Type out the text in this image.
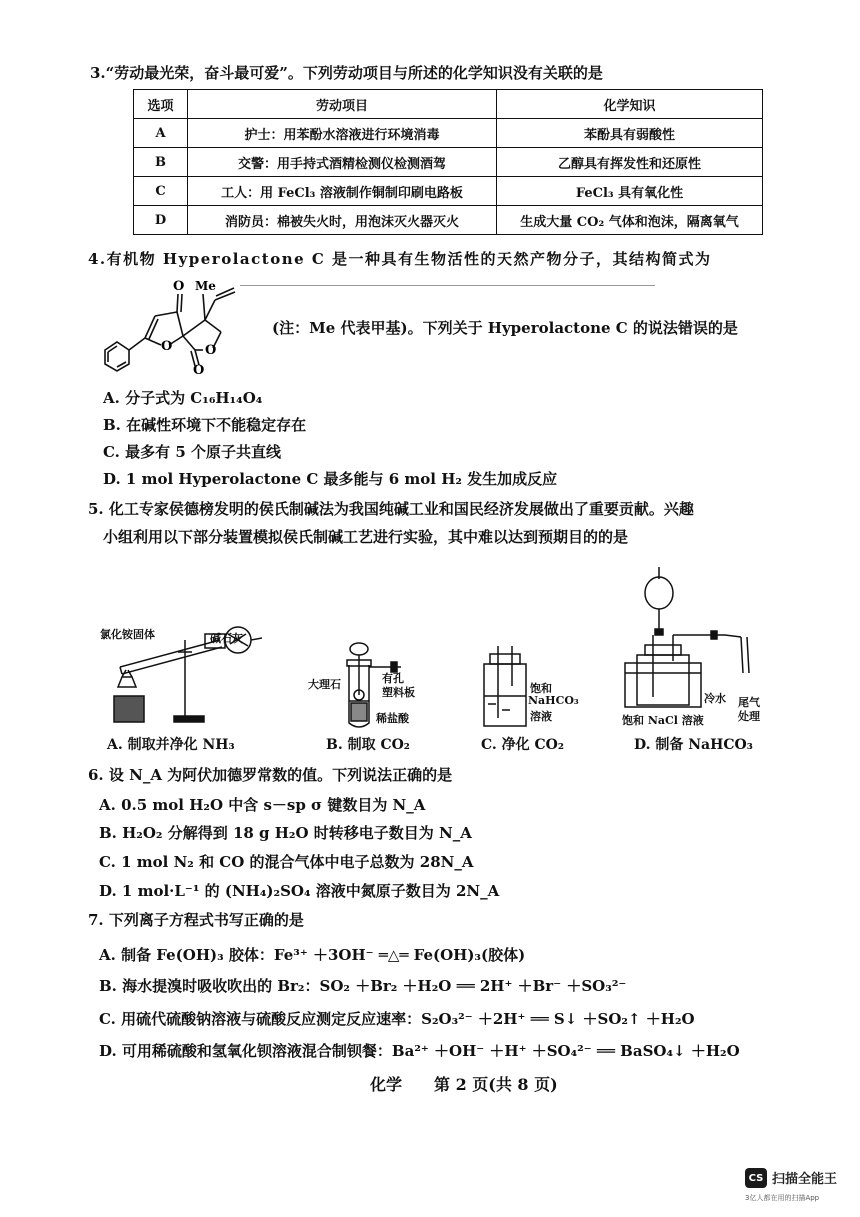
3.“劳动最光荣，奋斗最可爱”。下列劳动项目与所述的化学知识没有关联的是
选项	劳动项目	化学知识
A	护士：用苯酚水溶液进行环境消毒	苯酚具有弱酸性
B	交警：用手持式酒精检测仪检测酒驾	乙醇具有挥发性和还原性
C	工人：用 FeCl₃ 溶液制作铜制印刷电路板	FeCl₃ 具有氧化性
D	消防员：棉被失火时，用泡沫灭火器灭火	生成大量 CO₂ 气体和泡沫，隔离氧气
4.有机物 Hyperolactone C 是一种具有生物活性的天然产物分子，其结构简式为
O
O	O
O
Me
(注：Me 代表甲基)。下列关于 Hyperolactone C 的说法错误的是
A. 分子式为 C₁₆H₁₄O₄
B. 在碱性环境下不能稳定存在
C. 最多有 5 个原子共直线
D. 1 mol Hyperolactone C 最多能与 6 mol H₂ 发生加成反应
5. 化工专家侯德榜发明的侯氏制碱法为我国纯碱工业和国民经济发展做出了重要贡献。兴趣
小组利用以下部分装置模拟侯氏制碱工艺进行实验，其中难以达到预期目的的是
氯化铵固体	碱石灰
大理石	有孔
塑料板
稀盐酸
饱和
NaHCO₃
溶液
冷水
饱和 NaCl 溶液
尾气
处理
A. 制取并净化 NH₃	B. 制取 CO₂	C. 净化 CO₂	D. 制备 NaHCO₃
6. 设 N_A 为阿伏加德罗常数的值。下列说法正确的是
A. 0.5 mol H₂O 中含 s－sp σ 键数目为 N_A
B. H₂O₂ 分解得到 18 g H₂O 时转移电子数目为 N_A
C. 1 mol N₂ 和 CO 的混合气体中电子总数为 28N_A
D. 1 mol·L⁻¹ 的 (NH₄)₂SO₄ 溶液中氮原子数目为 2N_A
7. 下列离子方程式书写正确的是
A. 制备 Fe(OH)₃ 胶体：Fe³⁺ ＋3OH⁻ ═△═ Fe(OH)₃(胶体)
B. 海水提溴时吸收吹出的 Br₂：SO₂ ＋Br₂ ＋H₂O ══ 2H⁺ ＋Br⁻ ＋SO₃²⁻
C. 用硫代硫酸钠溶液与硫酸反应测定反应速率：S₂O₃²⁻ ＋2H⁺ ══ S↓ ＋SO₂↑ ＋H₂O
D. 可用稀硫酸和氢氧化钡溶液混合制钡餐：Ba²⁺ ＋OH⁻ ＋H⁺ ＋SO₄²⁻ ══ BaSO₄↓ ＋H₂O
化学　　第 2 页(共 8 页)
CS 扫描全能王
3亿人都在用的扫描App
